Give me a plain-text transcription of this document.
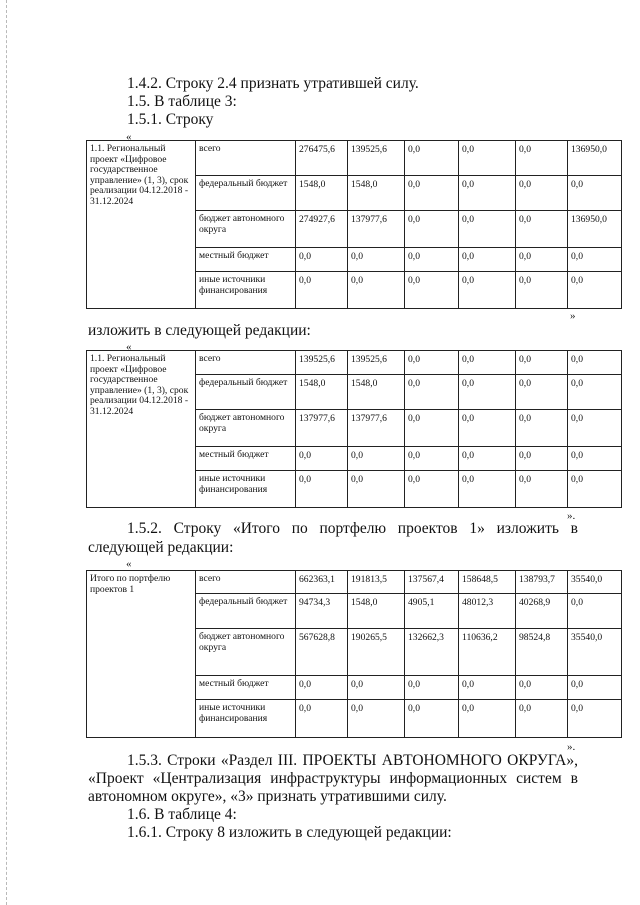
1.4.2. Строку 2.4 признать утратившей силу.

1.5. В таблице 3:

1.5.1. Строку

«

1.1. Региональный проект «Цифровое государственное управление» (1, 3), срок реализации 04.12.2018 - 31.12.2024	всего	276475,6	139525,6	0,0	0,0	0,0	136950,0
	федеральный бюджет	1548,0	1548,0	0,0	0,0	0,0	0,0
	бюджет автономного округа	274927,6	137977,6	0,0	0,0	0,0	136950,0
	местный бюджет	0,0	0,0	0,0	0,0	0,0	0,0
	иные источники финансирования	0,0	0,0	0,0	0,0	0,0	0,0

»

изложить в следующей редакции:

«

1.1. Региональный проект «Цифровое государственное управление» (1, 3), срок реализации 04.12.2018 - 31.12.2024	всего	139525,6	139525,6	0,0	0,0	0,0	0,0
	федеральный бюджет	1548,0	1548,0	0,0	0,0	0,0	0,0
	бюджет автономного округа	137977,6	137977,6	0,0	0,0	0,0	0,0
	местный бюджет	0,0	0,0	0,0	0,0	0,0	0,0
	иные источники финансирования	0,0	0,0	0,0	0,0	0,0	0,0

».

1.5.2. Строку «Итого по портфелю проектов 1» изложить в

следующей редакции:

«

Итого по портфелю проектов 1	всего	662363,1	191813,5	137567,4	158648,5	138793,7	35540,0
	федеральный бюджет	94734,3	1548,0	4905,1	48012,3	40268,9	0,0
	бюджет автономного округа	567628,8	190265,5	132662,3	110636,2	98524,8	35540,0
	местный бюджет	0,0	0,0	0,0	0,0	0,0	0,0
	иные источники финансирования	0,0	0,0	0,0	0,0	0,0	0,0

».

1.5.3. Строки «Раздел III. ПРОЕКТЫ АВТОНОМНОГО ОКРУГА»,

«Проект «Централизация инфраструктуры информационных систем в

автономном округе», «3» признать утратившими силу.

1.6. В таблице 4:

1.6.1. Строку 8 изложить в следующей редакции:
